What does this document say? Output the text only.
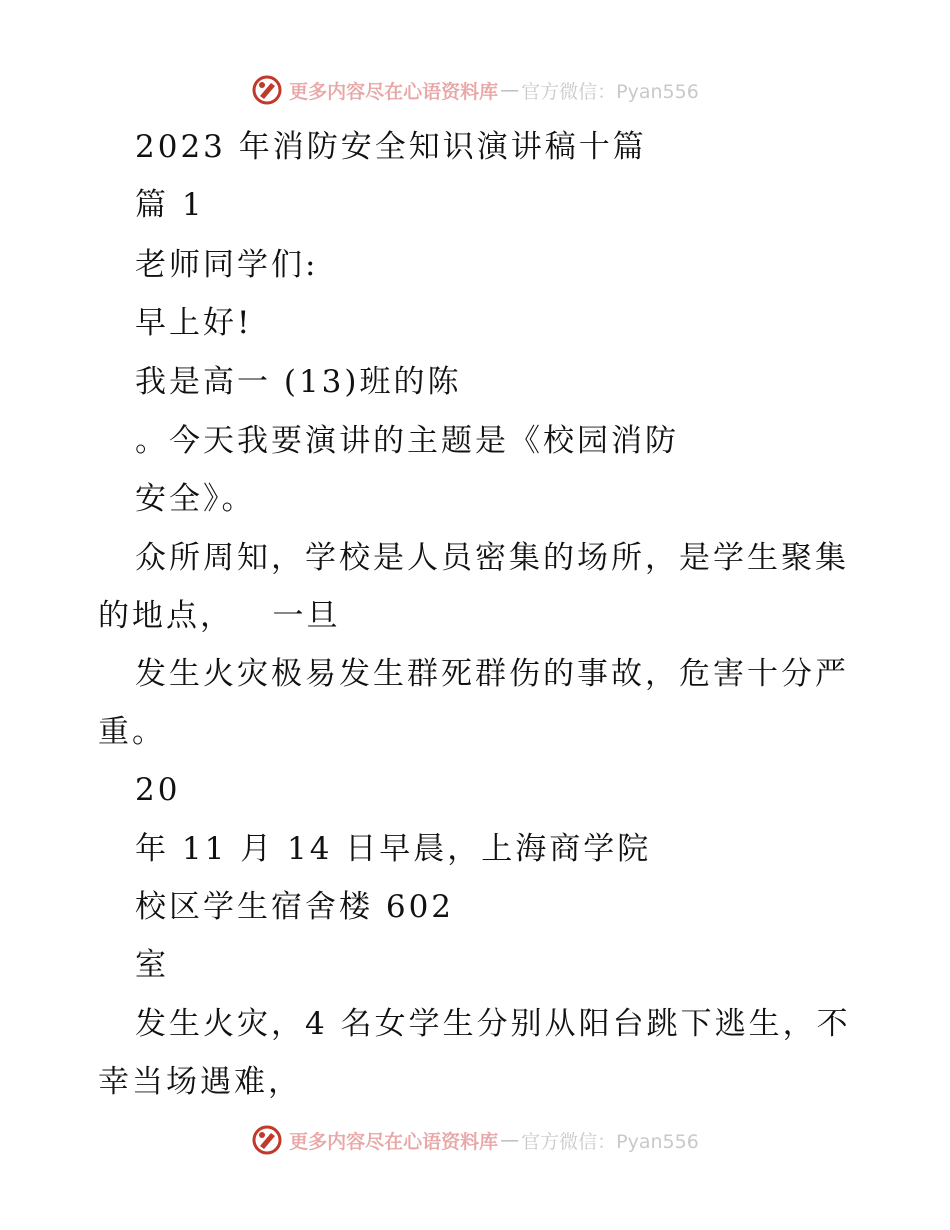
更多内容尽在心语资料库 — 官方微信：Pyan556
2023 年消防安全知识演讲稿十篇
篇 1
老师同学们:
早上好!
我是高一 (13)班的陈
。今天我要演讲的主题是《校园消防
安全》。
众所周知，学校是人员密集的场所，是学生聚集
的地点，   一旦
发生火灾极易发生群死群伤的事故，危害十分严
重。
20
年 11 月 14 日早晨，上海商学院
校区学生宿舍楼 602
室
发生火灾，4 名女学生分别从阳台跳下逃生，不
幸当场遇难，
更多内容尽在心语资料库 — 官方微信：Pyan556
